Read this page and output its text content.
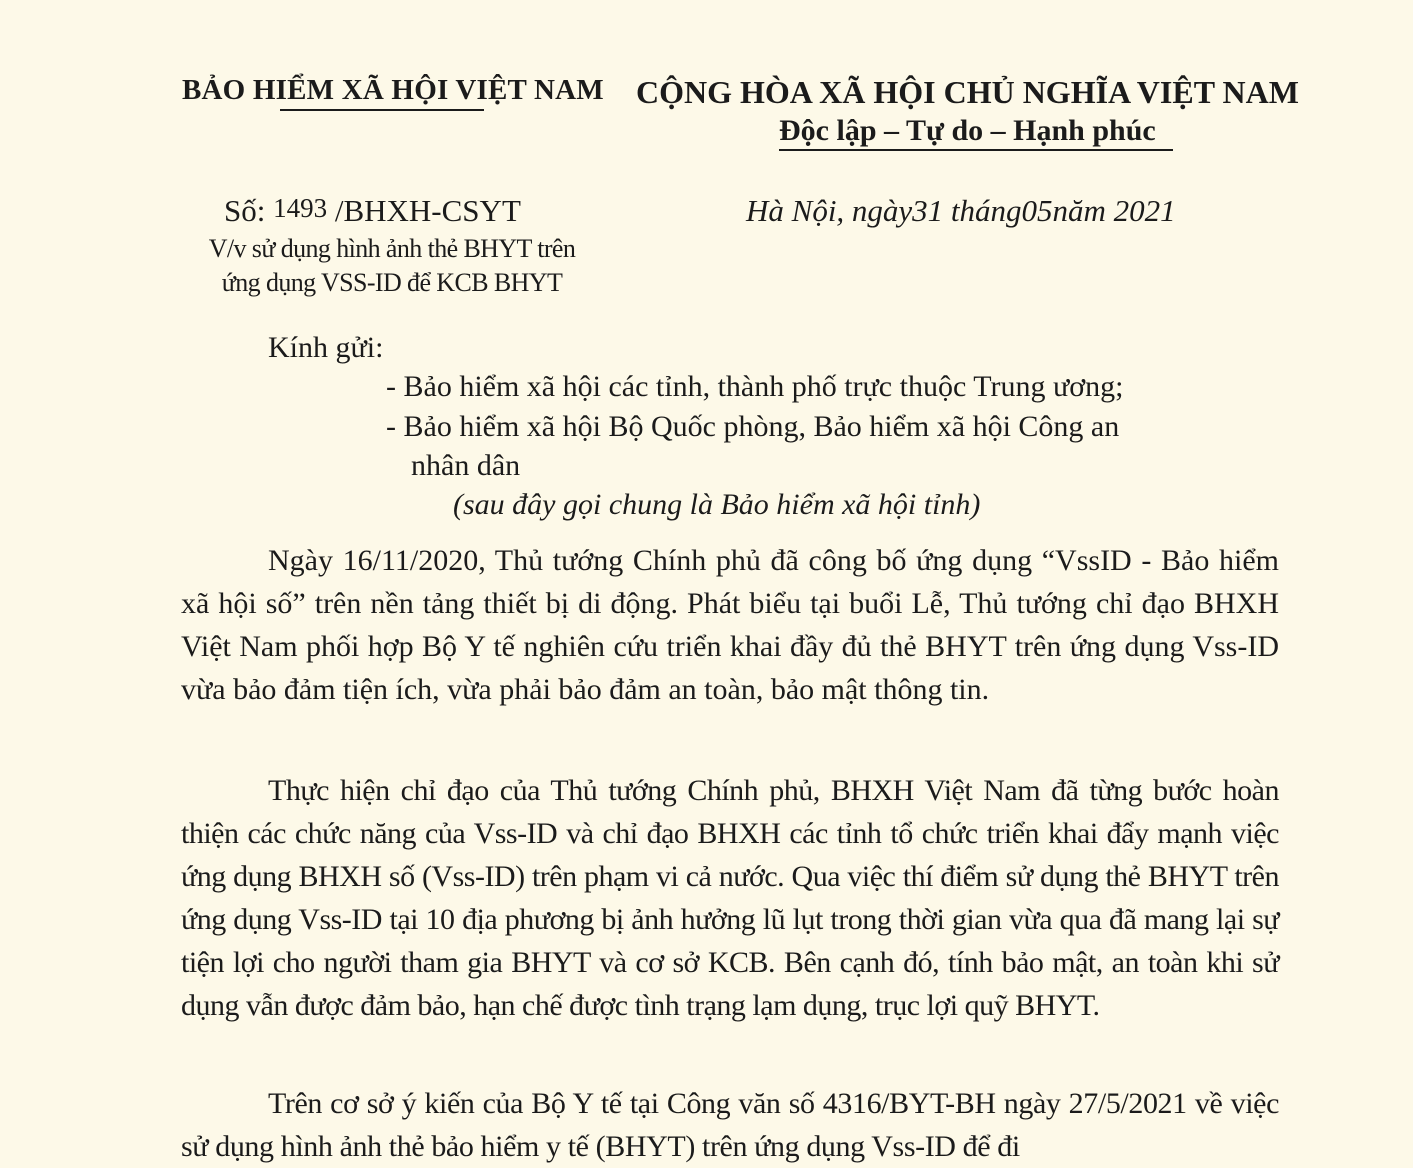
BẢO HIỂM XÃ HỘI VIỆT NAM CỘNG HÒA XÃ HỘI CHỦ NGHĨA VIỆT NAM
Độc lập – Tự do – Hạnh phúc
Số: 1493 /BHXH-CSYT	Hà Nội, ngày31 tháng05năm 2021
V/v sử dụng hình ảnh thẻ BHYT trên ứng dụng VSS-ID để KCB BHYT
Kính gửi:
- Bảo hiểm xã hội các tỉnh, thành phố trực thuộc Trung ương;
- Bảo hiểm xã hội Bộ Quốc phòng, Bảo hiểm xã hội Công an
nhân dân
(sau đây gọi chung là Bảo hiểm xã hội tỉnh)

Ngày 16/11/2020, Thủ tướng Chính phủ đã công bố ứng dụng “VssID - Bảo hiểm xã hội số” trên nền tảng thiết bị di động. Phát biểu tại buổi Lễ, Thủ tướng chỉ đạo BHXH Việt Nam phối hợp Bộ Y tế nghiên cứu triển khai đầy đủ thẻ BHYT trên ứng dụng Vss-ID vừa bảo đảm tiện ích, vừa phải bảo đảm an toàn, bảo mật thông tin.

Thực hiện chỉ đạo của Thủ tướng Chính phủ, BHXH Việt Nam đã từng bước hoàn thiện các chức năng của Vss-ID và chỉ đạo BHXH các tỉnh tổ chức triển khai đẩy mạnh việc ứng dụng BHXH số (Vss-ID) trên phạm vi cả nước. Qua việc thí điểm sử dụng thẻ BHYT trên ứng dụng Vss-ID tại 10 địa phương bị ảnh hưởng lũ lụt trong thời gian vừa qua đã mang lại sự tiện lợi cho người tham gia BHYT và cơ sở KCB. Bên cạnh đó, tính bảo mật, an toàn khi sử dụng vẫn được đảm bảo, hạn chế được tình trạng lạm dụng, trục lợi quỹ BHYT.

Trên cơ sở ý kiến của Bộ Y tế tại Công văn số 4316/BYT-BH ngày 27/5/2021 về việc sử dụng hình ảnh thẻ bảo hiểm y tế (BHYT) trên ứng dụng Vss-ID để đi
